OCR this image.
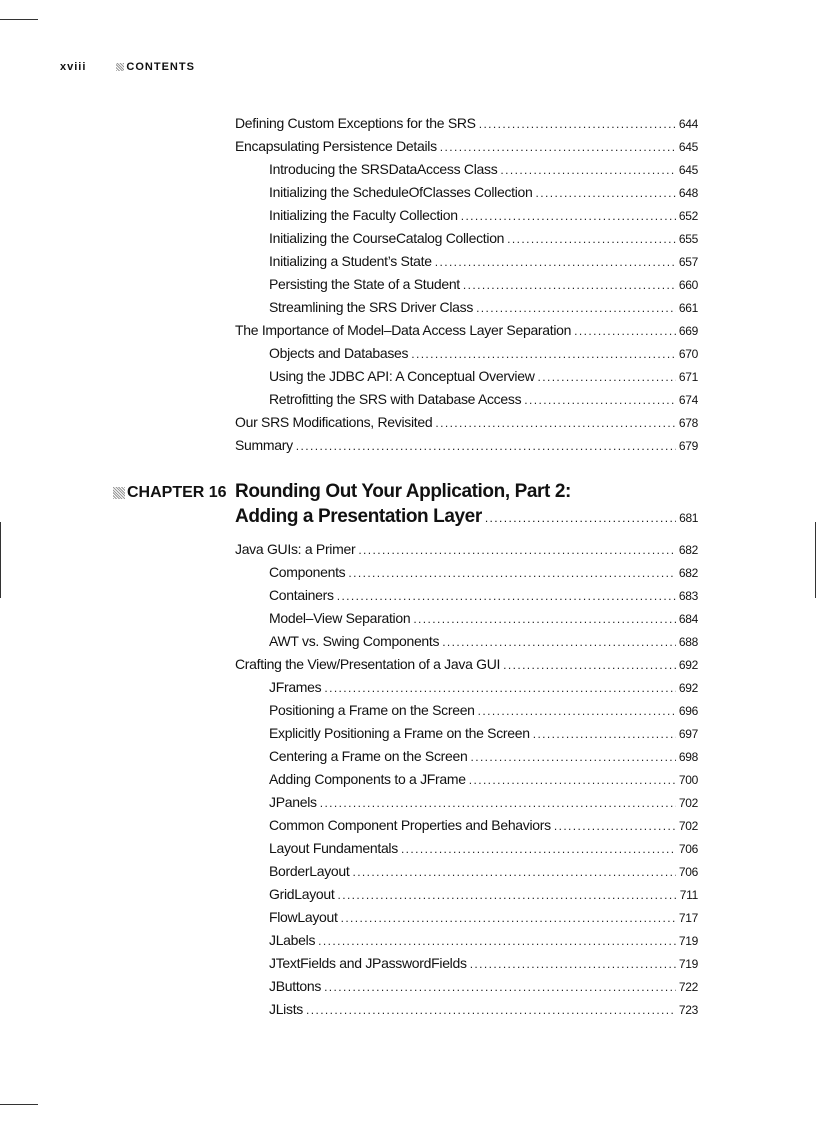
xviii	CONTENTS
Defining Custom Exceptions for the SRS .....	644
Encapsulating Persistence Details .....	645
Introducing the SRSDataAccess Class .....	645
Initializing the ScheduleOfClasses Collection .....	648
Initializing the Faculty Collection .....	652
Initializing the CourseCatalog Collection .....	655
Initializing a Student’s State .....	657
Persisting the State of a Student .....	660
Streamlining the SRS Driver Class .....	661
The Importance of Model–Data Access Layer Separation .....	669
Objects and Databases .....	670
Using the JDBC API: A Conceptual Overview .....	671
Retrofitting the SRS with Database Access .....	674
Our SRS Modifications, Revisited .....	678
Summary .....	679
CHAPTER 16 Rounding Out Your Application, Part 2:
Adding a Presentation Layer .....	681
Java GUIs: a Primer .....	682
Components .....	682
Containers .....	683
Model–View Separation .....	684
AWT vs. Swing Components .....	688
Crafting the View/Presentation of a Java GUI .....	692
JFrames .....	692
Positioning a Frame on the Screen .....	696
Explicitly Positioning a Frame on the Screen .....	697
Centering a Frame on the Screen .....	698
Adding Components to a JFrame .....	700
JPanels .....	702
Common Component Properties and Behaviors .....	702
Layout Fundamentals .....	706
BorderLayout .....	706
GridLayout .....	711
FlowLayout .....	717
JLabels .....	719
JTextFields and JPasswordFields .....	719
JButtons .....	722
JLists .....	723
